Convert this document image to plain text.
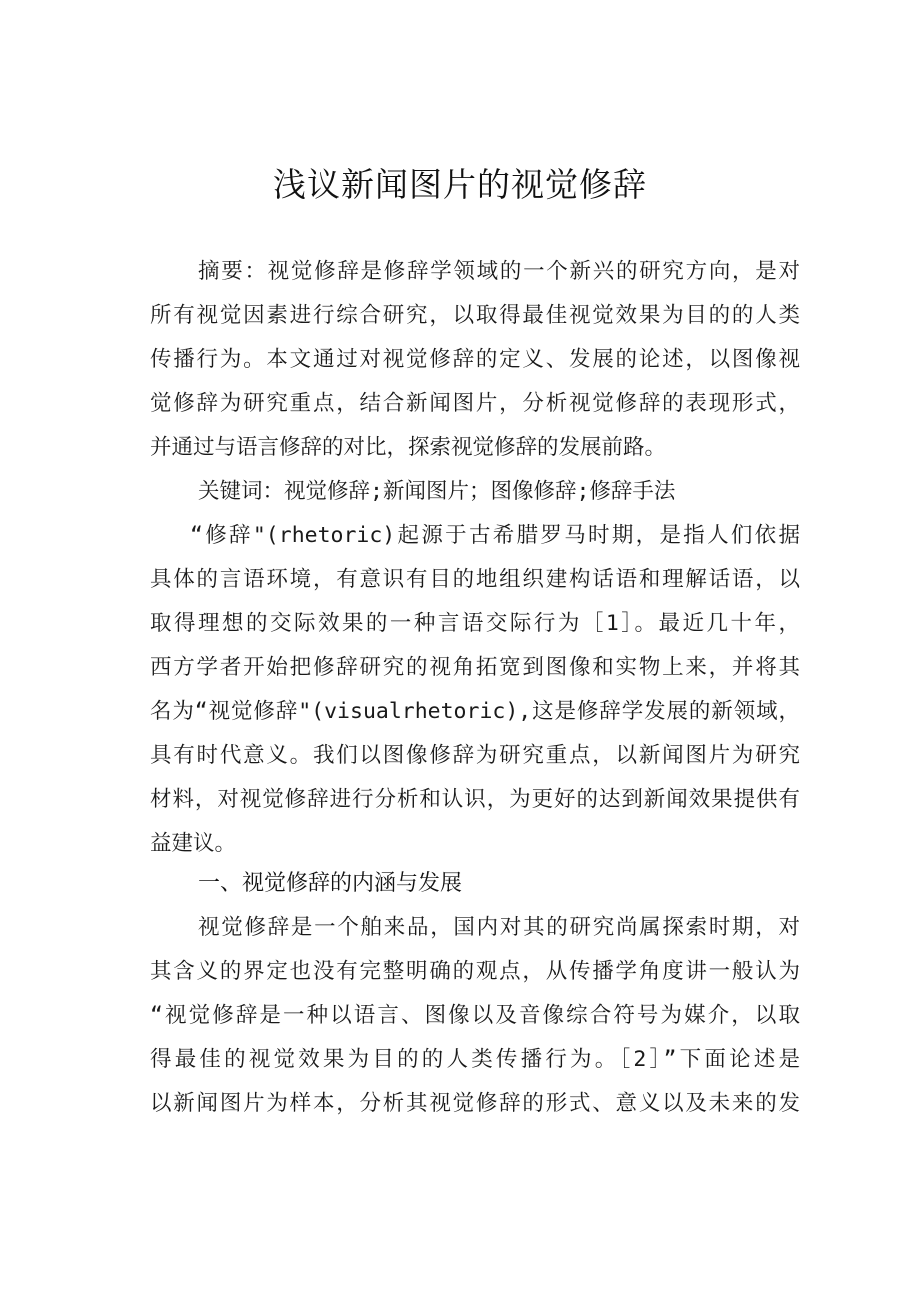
浅议新闻图片的视觉修辞
摘要：视觉修辞是修辞学领域的一个新兴的研究方向，是对
所有视觉因素进行综合研究，以取得最佳视觉效果为目的的人类
传播行为。本文通过对视觉修辞的定义、发展的论述，以图像视
觉修辞为研究重点，结合新闻图片，分析视觉修辞的表现形式，
并通过与语言修辞的对比，探索视觉修辞的发展前路。
关键词：视觉修辞;新闻图片；图像修辞;修辞手法
“修辞"(rhetoric)起源于古希腊罗马时期，是指人们依据
具体的言语环境，有意识有目的地组织建构话语和理解话语，以
取得理想的交际效果的一种言语交际行为［1］。最近几十年，
西方学者开始把修辞研究的视角拓宽到图像和实物上来，并将其
名为“视觉修辞"(visualrhetoric),这是修辞学发展的新领域，
具有时代意义。我们以图像修辞为研究重点，以新闻图片为研究
材料，对视觉修辞进行分析和认识，为更好的达到新闻效果提供有
益建议。
一、视觉修辞的内涵与发展
视觉修辞是一个舶来品，国内对其的研究尚属探索时期，对
其含义的界定也没有完整明确的观点，从传播学角度讲一般认为
“视觉修辞是一种以语言、图像以及音像综合符号为媒介，以取
得最佳的视觉效果为目的的人类传播行为。［2］”下面论述是
以新闻图片为样本，分析其视觉修辞的形式、意义以及未来的发
